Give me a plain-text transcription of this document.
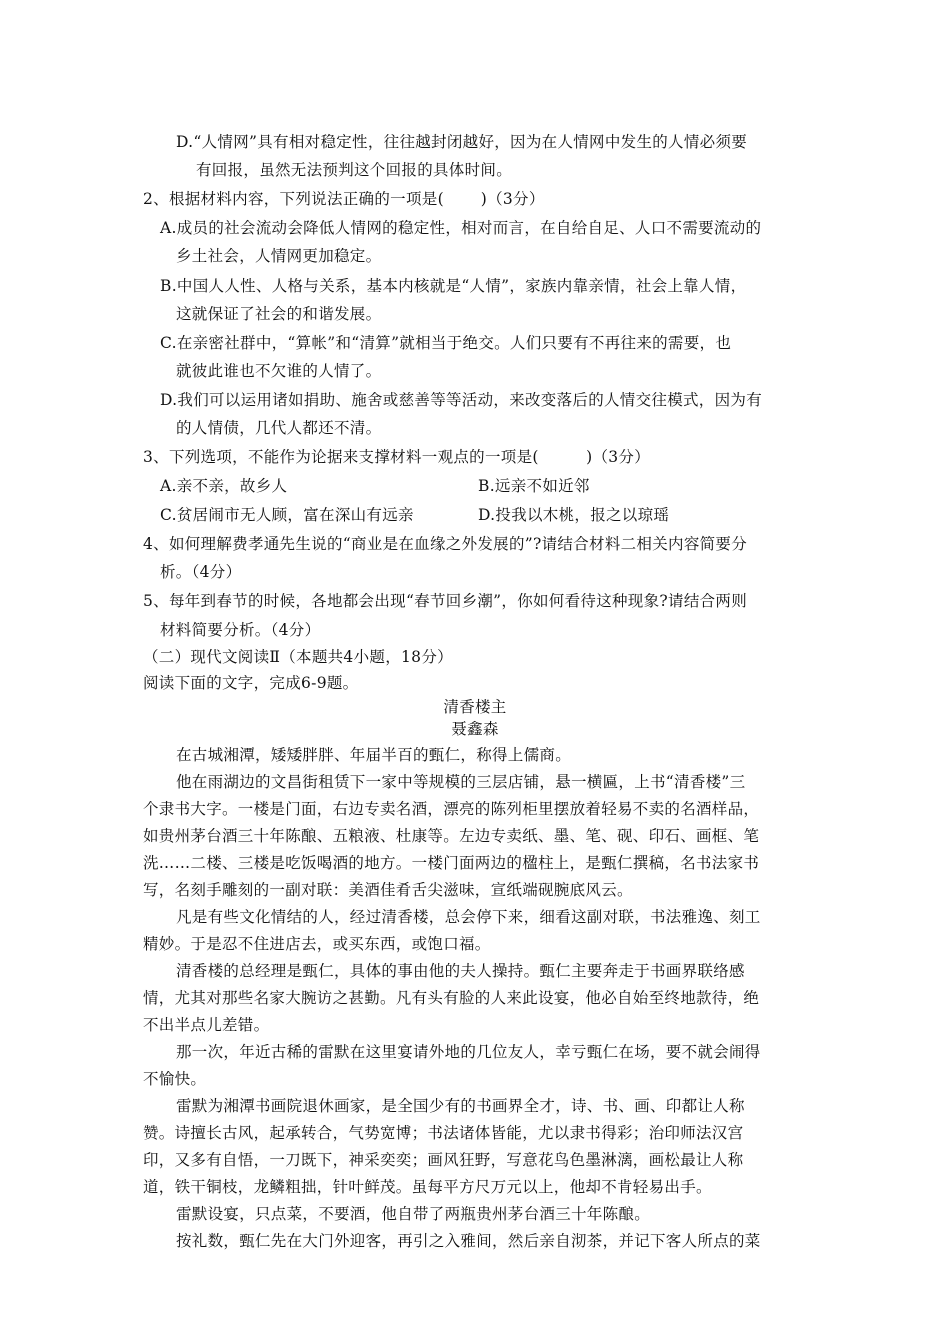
D.“人情网”具有相对稳定性，往往越封闭越好，因为在人情网中发生的人情必须要
有回报，虽然无法预判这个回报的具体时间。
2、根据材料内容，下列说法正确的一项是(　　 )（3分）
A.成员的社会流动会降低人情网的稳定性，相对而言，在自给自足、人口不需要流动的
乡土社会，人情网更加稳定。
B.中国人人性、人格与关系，基本内核就是“人情”，家族内靠亲情，社会上靠人情，
这就保证了社会的和谐发展。
C.在亲密社群中，“算帐”和“清算”就相当于绝交。人们只要有不再往来的需要，也
就彼此谁也不欠谁的人情了。
D.我们可以运用诸如捐助、施舍或慈善等等活动，来改变落后的人情交往模式，因为有
的人情债，几代人都还不清。
3、下列选项，不能作为论据来支撑材料一观点的一项是(　　　)（3分）
A.亲不亲，故乡人	B.远亲不如近邻
C.贫居闹市无人顾，富在深山有远亲	D.投我以木桃，报之以琼瑶
4、如何理解费孝通先生说的“商业是在血缘之外发展的”?请结合材料二相关内容简要分
析。（4分）
5、每年到春节的时候，各地都会出现“春节回乡潮”，你如何看待这种现象?请结合两则
材料简要分析。（4分）
（二）现代文阅读Ⅱ（本题共4小题，18分）
阅读下面的文字，完成6-9题。
清香楼主
聂鑫森
在古城湘潭，矮矮胖胖、年届半百的甄仁，称得上儒商。
他在雨湖边的文昌街租赁下一家中等规模的三层店铺，悬一横匾，上书“清香楼”三
个隶书大字。一楼是门面，右边专卖名酒，漂亮的陈列柜里摆放着轻易不卖的名酒样品，
如贵州茅台酒三十年陈酿、五粮液、杜康等。左边专卖纸、墨、笔、砚、印石、画框、笔
洗……二楼、三楼是吃饭喝酒的地方。一楼门面两边的楹柱上，是甄仁撰稿，名书法家书
写，名刻手雕刻的一副对联：美酒佳肴舌尖滋味，宣纸端砚腕底风云。
凡是有些文化情结的人，经过清香楼，总会停下来，细看这副对联，书法雅逸、刻工
精妙。于是忍不住进店去，或买东西，或饱口福。
清香楼的总经理是甄仁，具体的事由他的夫人操持。甄仁主要奔走于书画界联络感
情，尤其对那些名家大腕访之甚勤。凡有头有脸的人来此设宴，他必自始至终地款待，绝
不出半点儿差错。
那一次，年近古稀的雷默在这里宴请外地的几位友人，幸亏甄仁在场，要不就会闹得
不愉快。
雷默为湘潭书画院退休画家，是全国少有的书画界全才，诗、书、画、印都让人称
赞。诗擅长古风，起承转合，气势宽博；书法诸体皆能，尤以隶书得彩；治印师法汉宫
印，又多有自悟，一刀既下，神采奕奕；画风狂野，写意花鸟色墨淋漓，画松最让人称
道，铁干铜枝，龙鳞粗拙，针叶鲜茂。虽每平方尺万元以上，他却不肯轻易出手。
雷默设宴，只点菜，不要酒，他自带了两瓶贵州茅台酒三十年陈酿。
按礼数，甄仁先在大门外迎客，再引之入雅间，然后亲自沏茶，并记下客人所点的菜
